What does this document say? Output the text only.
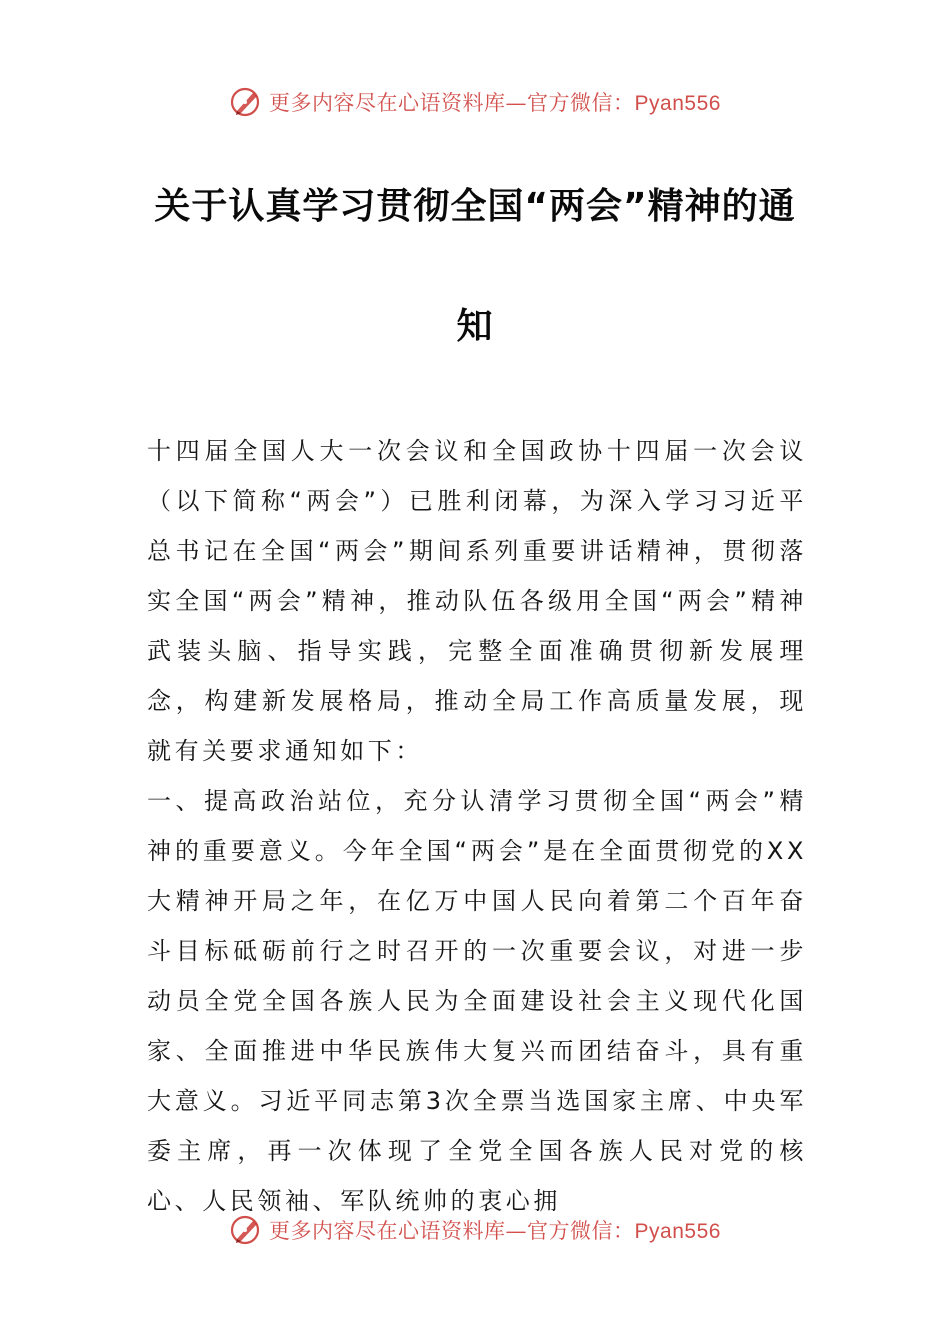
更多内容尽在心语资料库—官方微信：Pyan556
关于认真学习贯彻全国“两会”精神的通
知

十四届全国人大一次会议和全国政协十四届一次会议（以下简称“两会”）已胜利闭幕，为深入学习习近平总书记在全国“两会”期间系列重要讲话精神，贯彻落实全国“两会”精神，推动队伍各级用全国“两会”精神武装头脑、指导实践，完整全面准确贯彻新发展理念，构建新发展格局，推动全局工作高质量发展，现就有关要求通知如下：

一、提高政治站位，充分认清学习贯彻全国“两会”精神的重要意义。今年全国“两会”是在全面贯彻党的XX大精神开局之年，在亿万中国人民向着第二个百年奋斗目标砥砺前行之时召开的一次重要会议，对进一步动员全党全国各族人民为全面建设社会主义现代化国家、全面推进中华民族伟大复兴而团结奋斗，具有重大意义。习近平同志第3次全票当选国家主席、中央军委主席，再一次体现了全党全国各族人民对党的核心、人民领袖、军队统帅的衷心拥

更多内容尽在心语资料库—官方微信：Pyan556
